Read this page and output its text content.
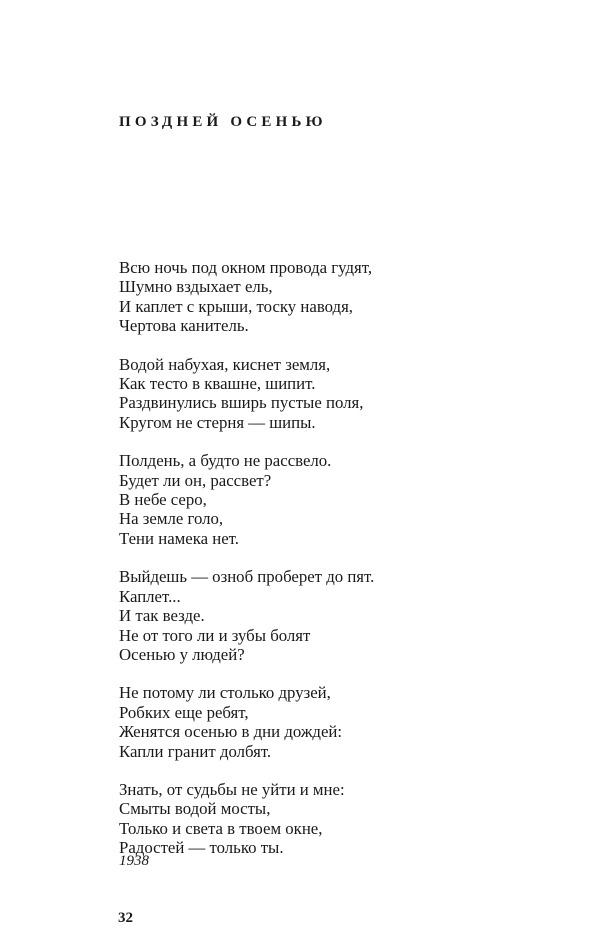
ПОЗДНЕЙ ОСЕНЬЮ
Всю ночь под окном провода гудят,
Шумно вздыхает ель,
И каплет с крыши, тоску наводя,
Чертова канитель.
Водой набухая, киснет земля,
Как тесто в квашне, шипит.
Раздвинулись вширь пустые поля,
Кругом не стерня — шипы.
Полдень, а будто не рассвело.
Будет ли он, рассвет?
В небе серо,
На земле голо,
Тени намека нет.
Выйдешь — озноб проберет до пят.
Каплет...
И так везде.
Не от того ли и зубы болят
Осенью у людей?
Не потому ли столько друзей,
Робких еще ребят,
Женятся осенью в дни дождей:
Капли гранит долбят.
Знать, от судьбы не уйти и мне:
Смыты водой мосты,
Только и света в твоем окне,
Радостей — только ты.
1938
32
